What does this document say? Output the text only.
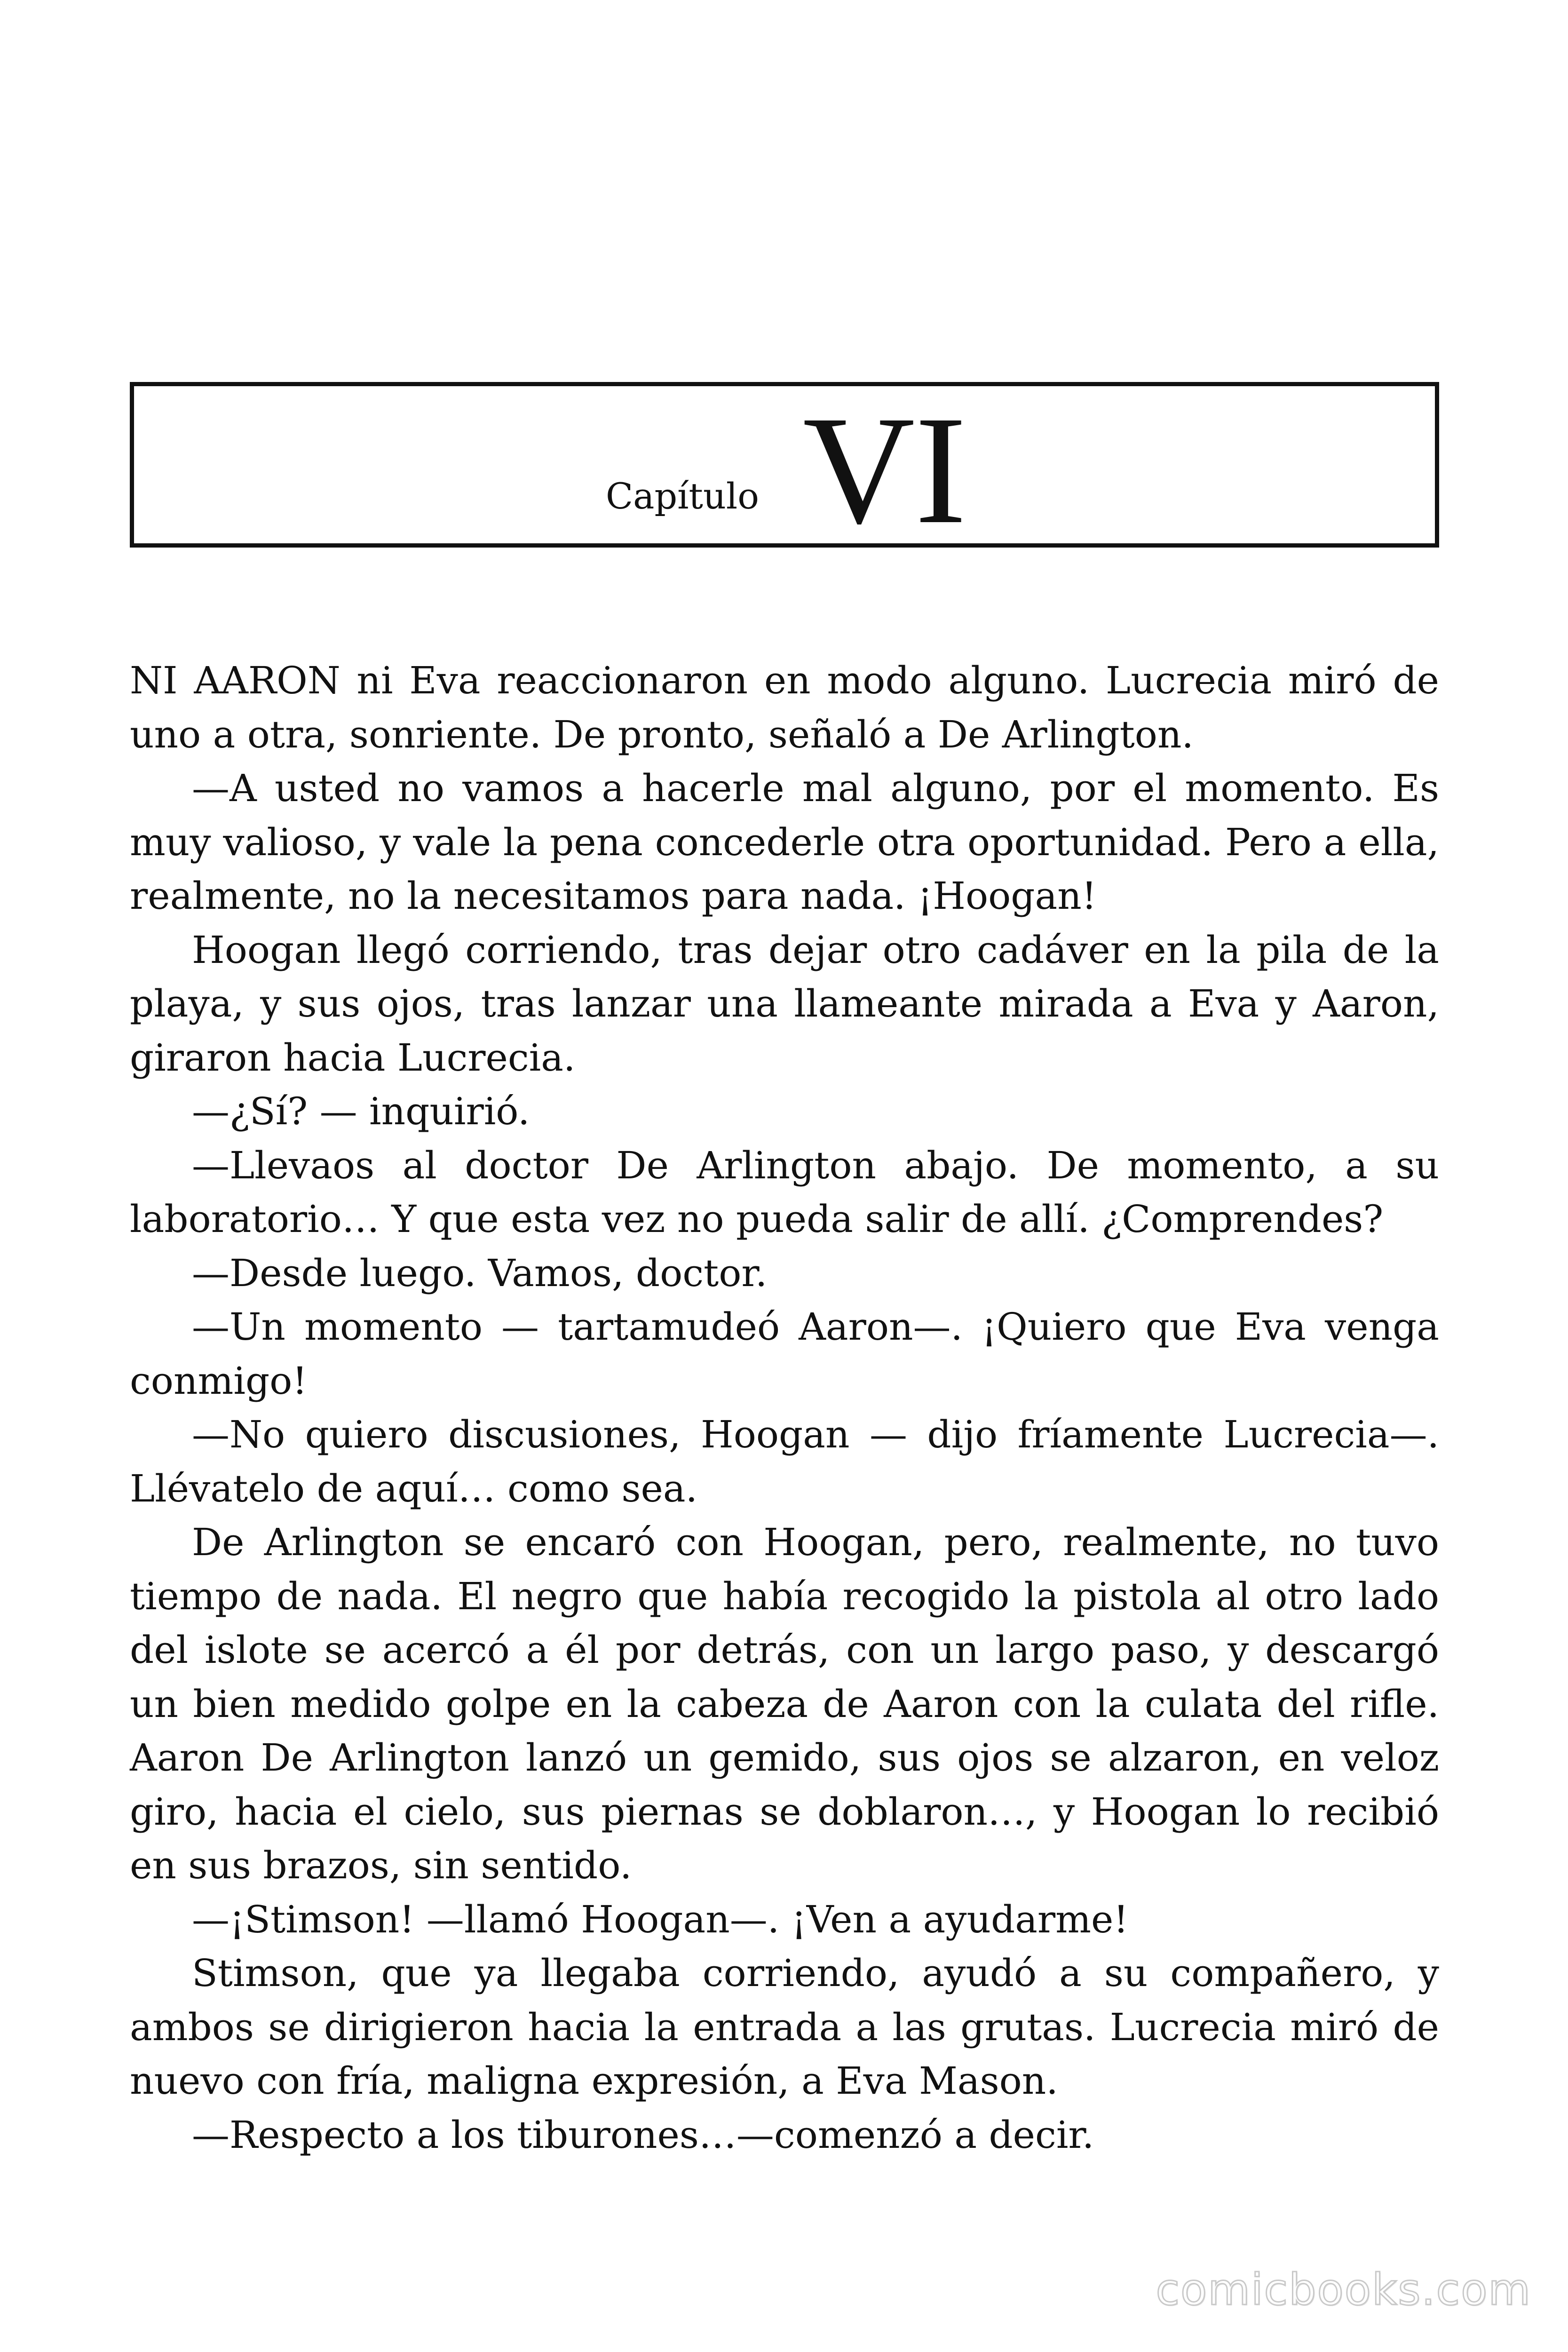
Capítulo VI

NI AARON ni Eva reaccionaron en modo alguno. Lucrecia miró de uno a otra, sonriente. De pronto, señaló a De Arlington.

—A usted no vamos a hacerle mal alguno, por el momento. Es muy valioso, y vale la pena concederle otra oportunidad. Pero a ella, realmente, no la necesitamos para nada. ¡Hoogan!

Hoogan llegó corriendo, tras dejar otro cadáver en la pila de la playa, y sus ojos, tras lanzar una llameante mirada a Eva y Aaron, giraron hacia Lucrecia.

—¿Sí? — inquirió.

—Llevaos al doctor De Arlington abajo. De momento, a su laboratorio… Y que esta vez no pueda salir de allí. ¿Comprendes?

—Desde luego. Vamos, doctor.

—Un momento — tartamudeó Aaron—. ¡Quiero que Eva venga conmigo!

—No quiero discusiones, Hoogan — dijo fríamente Lucrecia—. Llévatelo de aquí… como sea.

De Arlington se encaró con Hoogan, pero, realmente, no tuvo tiempo de nada. El negro que había recogido la pistola al otro lado del islote se acercó a él por detrás, con un largo paso, y descargó un bien medido golpe en la cabeza de Aaron con la culata del rifle. Aaron De Arlington lanzó un gemido, sus ojos se alzaron, en veloz giro, hacia el cielo, sus piernas se doblaron…, y Hoogan lo recibió en sus brazos, sin sentido.

—¡Stimson! —llamó Hoogan—. ¡Ven a ayudarme!

Stimson, que ya llegaba corriendo, ayudó a su compañero, y ambos se dirigieron hacia la entrada a las grutas. Lucrecia miró de nuevo con fría, maligna expresión, a Eva Mason.

—Respecto a los tiburones…—comenzó a decir.

comicbooks.com
